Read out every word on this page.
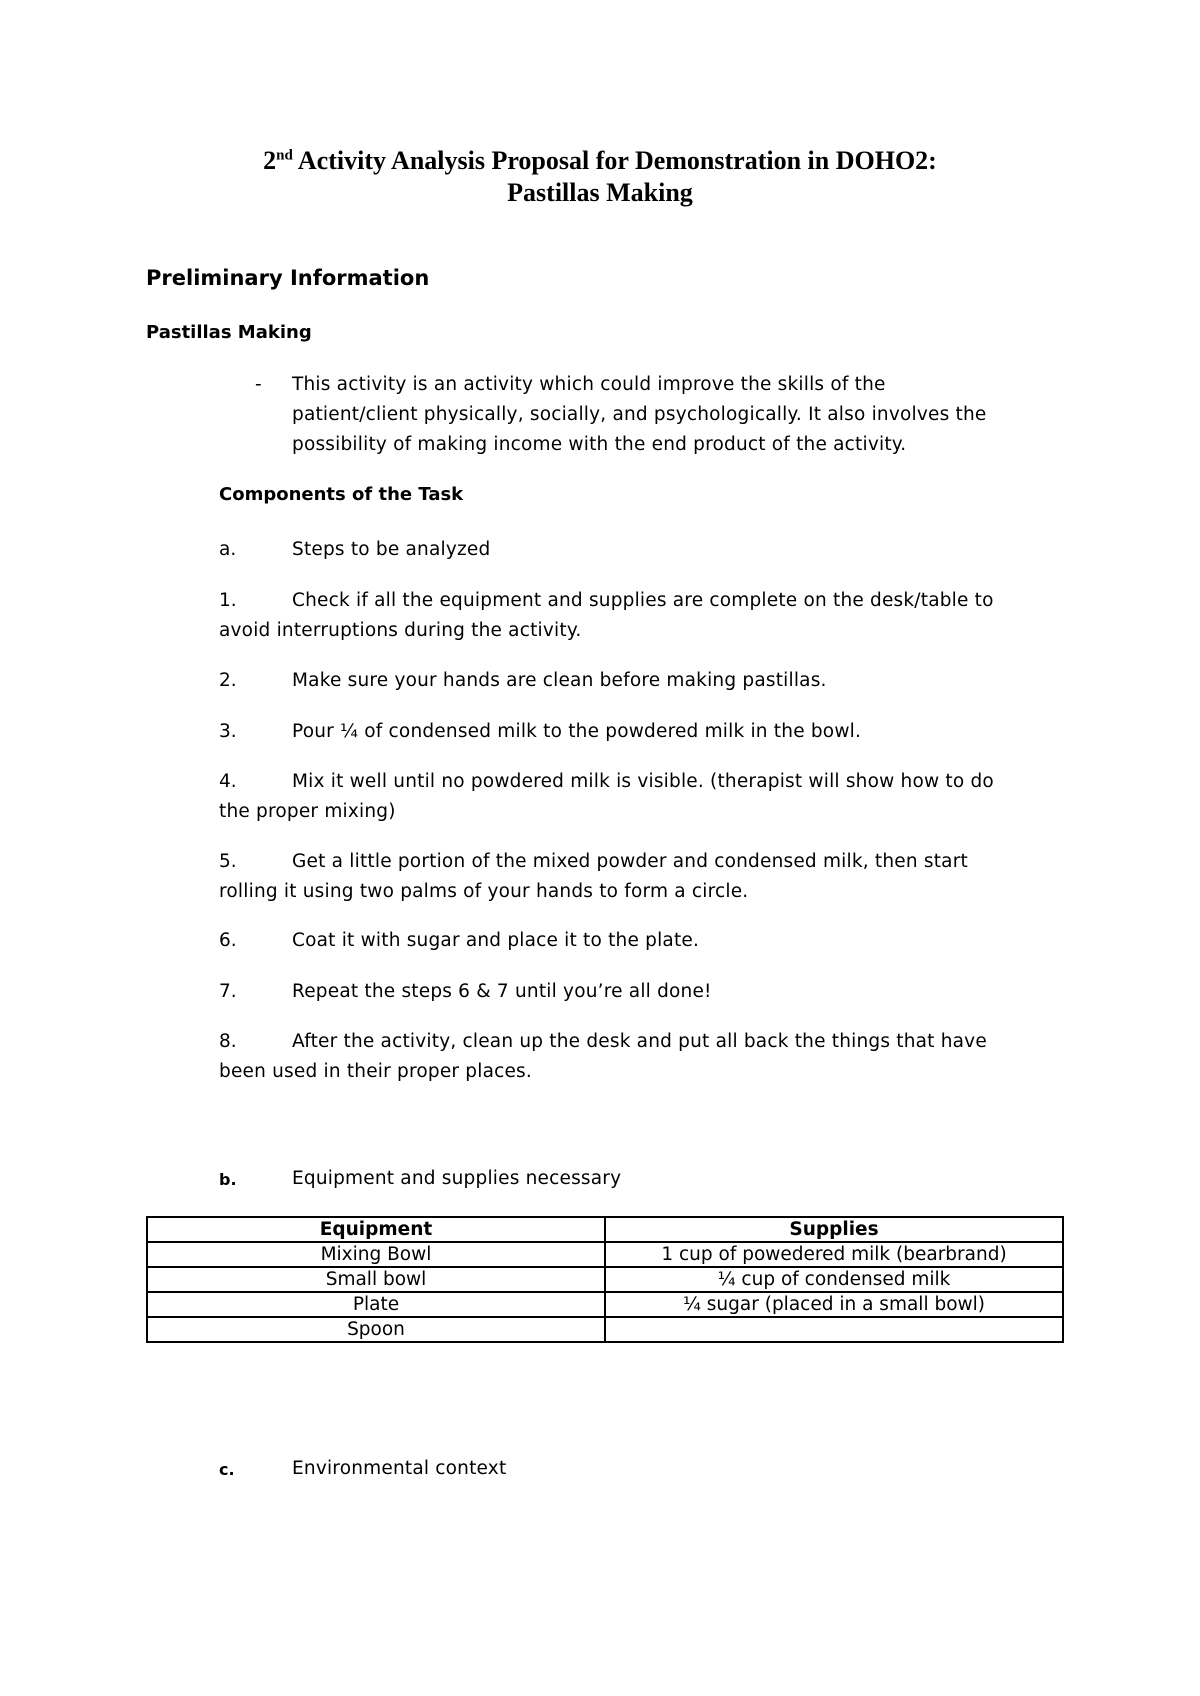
2nd Activity Analysis Proposal for Demonstration in DOHO2:
Pastillas Making
Preliminary Information
Pastillas Making
- This activity is an activity which could improve the skills of the
patient/client physically, socially, and psychologically. It also involves the
possibility of making income with the end product of the activity.
Components of the Task
a.	Steps to be analyzed
1.	Check if all the equipment and supplies are complete on the desk/table to
avoid interruptions during the activity.
2.	Make sure your hands are clean before making pastillas.
3.	Pour ¼ of condensed milk to the powdered milk in the bowl.
4.	Mix it well until no powdered milk is visible. (therapist will show how to do
the proper mixing)
5.	Get a little portion of the mixed powder and condensed milk, then start
rolling it using two palms of your hands to form a circle.
6.	Coat it with sugar and place it to the plate.
7.	Repeat the steps 6 & 7 until you’re all done!
8.	After the activity, clean up the desk and put all back the things that have
been used in their proper places.
b.	Equipment and supplies necessary
Equipment	Supplies
Mixing Bowl	1 cup of powedered milk (bearbrand)
Small bowl	¼ cup of condensed milk
Plate	¼ sugar (placed in a small bowl)
Spoon	
c.	Environmental context
